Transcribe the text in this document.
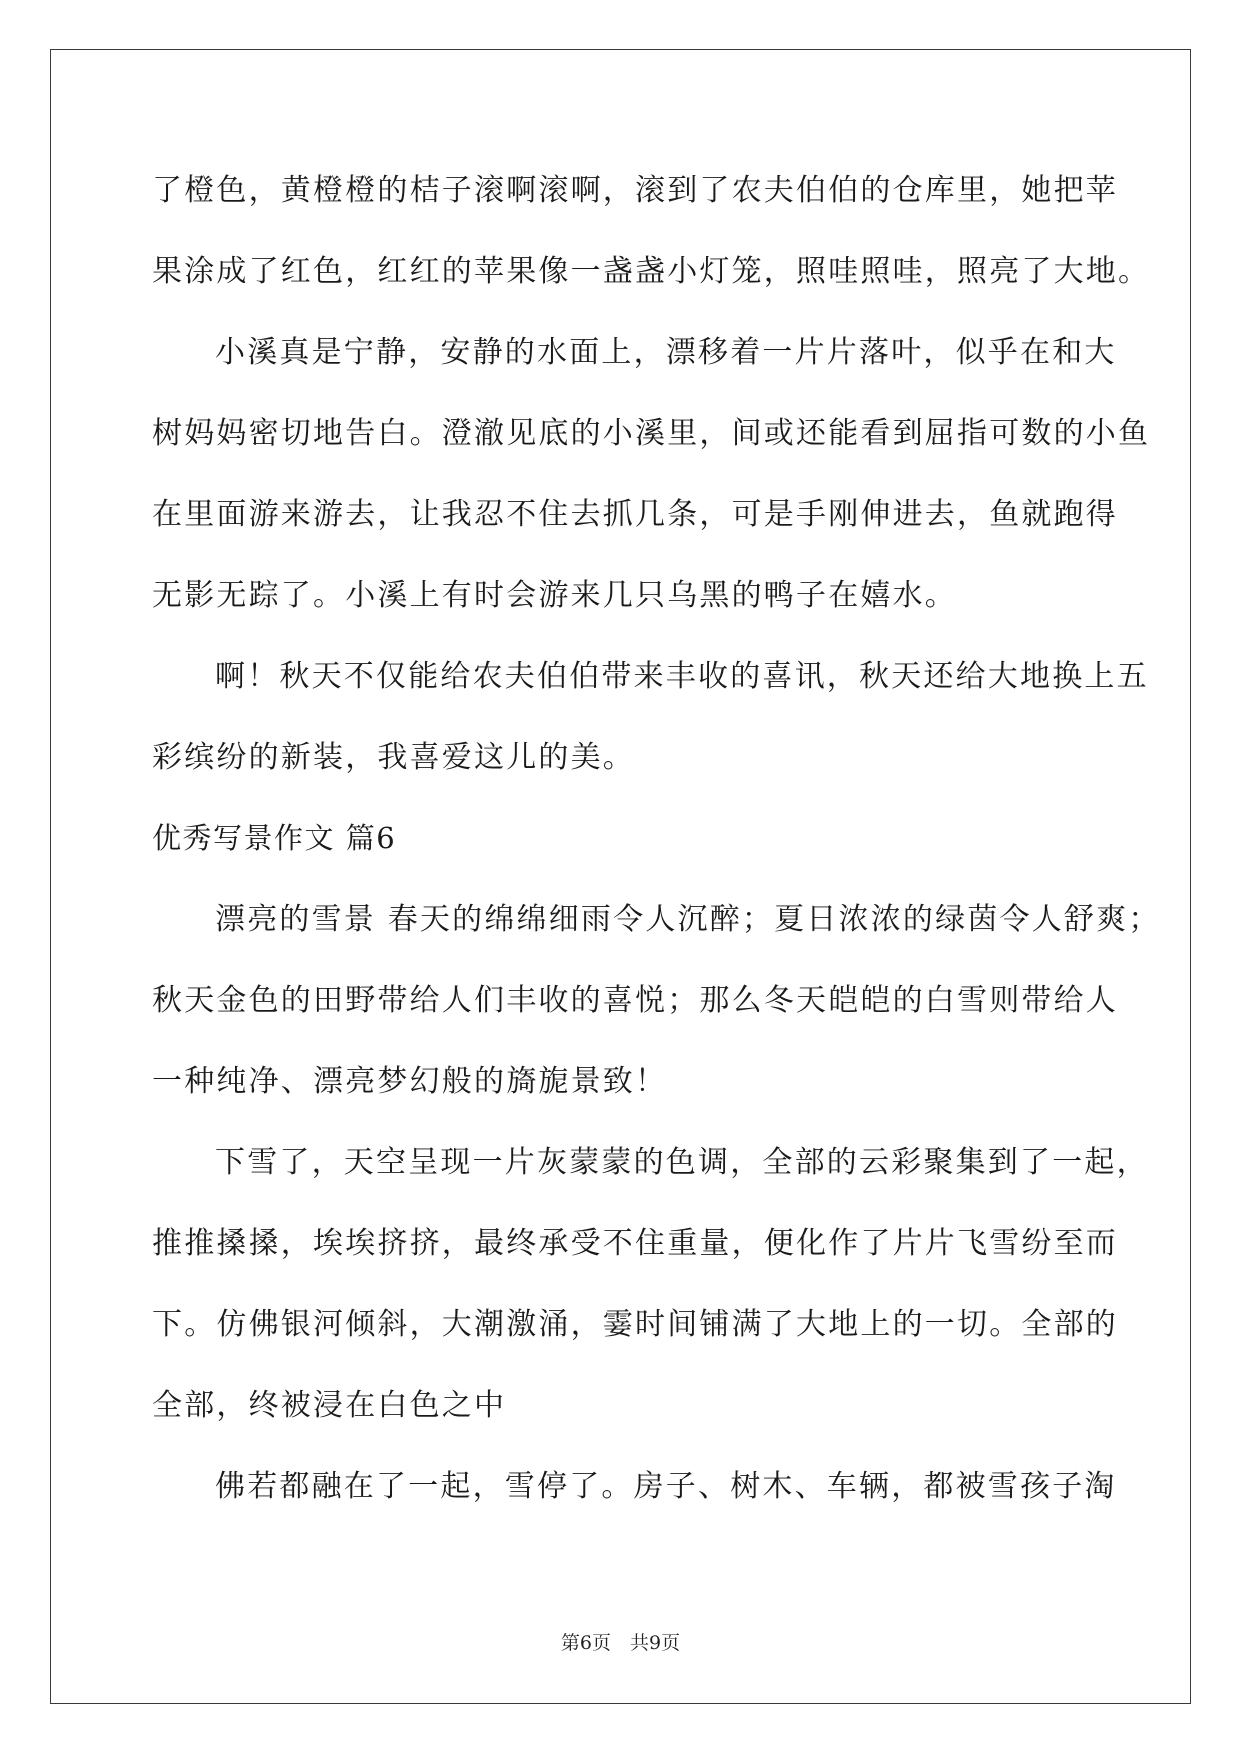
了橙色，黄橙橙的桔子滚啊滚啊，滚到了农夫伯伯的仓库里，她把苹

果涂成了红色，红红的苹果像一盏盏小灯笼，照哇照哇，照亮了大地。

小溪真是宁静，安静的水面上，漂移着一片片落叶，似乎在和大

树妈妈密切地告白。澄澈见底的小溪里，间或还能看到屈指可数的小鱼

在里面游来游去，让我忍不住去抓几条，可是手刚伸进去，鱼就跑得

无影无踪了。小溪上有时会游来几只乌黑的鸭子在嬉水。

啊！秋天不仅能给农夫伯伯带来丰收的喜讯，秋天还给大地换上五

彩缤纷的新装，我喜爱这儿的美。

优秀写景作文 篇6

漂亮的雪景 春天的绵绵细雨令人沉醉；夏日浓浓的绿茵令人舒爽；

秋天金色的田野带给人们丰收的喜悦；那么冬天皑皑的白雪则带给人

一种纯净、漂亮梦幻般的旖旎景致！

下雪了，天空呈现一片灰蒙蒙的色调，全部的云彩聚集到了一起，

推推搡搡，埃埃挤挤，最终承受不住重量，便化作了片片飞雪纷至而

下。仿佛银河倾斜，大潮激涌，霎时间铺满了大地上的一切。全部的

全部，终被浸在白色之中

佛若都融在了一起，雪停了。房子、树木、车辆，都被雪孩子淘

第6页　共9页
